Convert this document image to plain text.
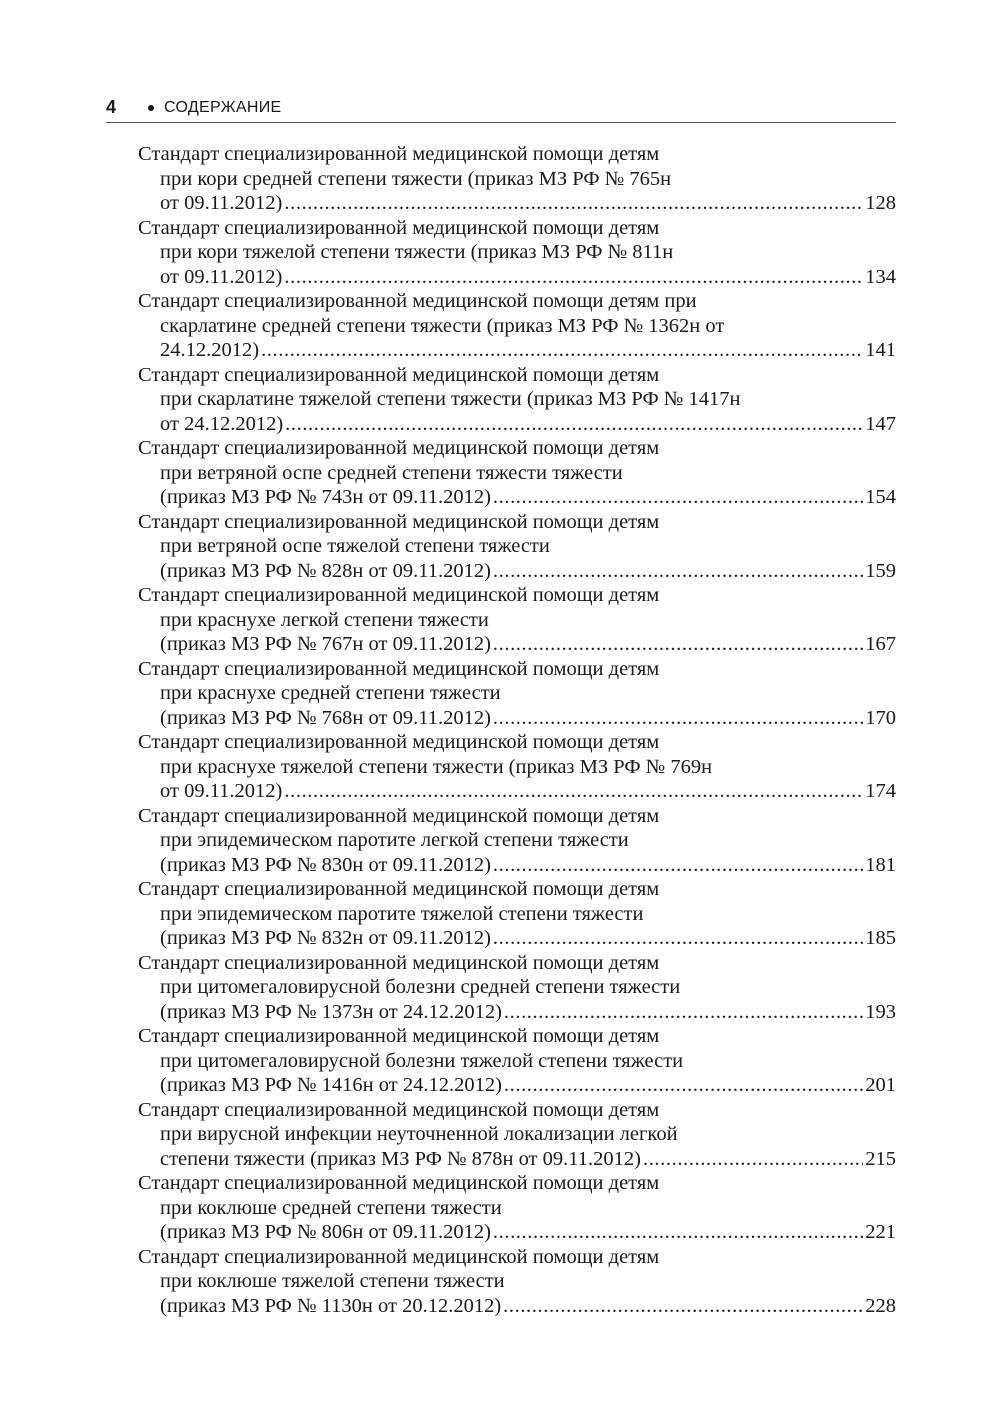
4	СОДЕРЖАНИЕ
Стандарт специализированной медицинской помощи детям
при кори средней степени тяжести (приказ МЗ РФ № 765н
от 09.11.2012) .....	128
Стандарт специализированной медицинской помощи детям
при кори тяжелой степени тяжести (приказ МЗ РФ № 811н
от 09.11.2012) .....	134
Стандарт специализированной медицинской помощи детям при
скарлатине средней степени тяжести (приказ МЗ РФ № 1362н от
24.12.2012) .....	141
Стандарт специализированной медицинской помощи детям
при скарлатине тяжелой степени тяжести (приказ МЗ РФ № 1417н
от 24.12.2012) .....	147
Стандарт специализированной медицинской помощи детям
при ветряной оспе средней степени тяжести тяжести
(приказ МЗ РФ № 743н от 09.11.2012) .....	154
Стандарт специализированной медицинской помощи детям
при ветряной оспе тяжелой степени тяжести
(приказ МЗ РФ № 828н от 09.11.2012) .....	159
Стандарт специализированной медицинской помощи детям
при краснухе легкой степени тяжести
(приказ МЗ РФ № 767н от 09.11.2012) .....	167
Стандарт специализированной медицинской помощи детям
при краснухе средней степени тяжести
(приказ МЗ РФ № 768н от 09.11.2012) .....	170
Стандарт специализированной медицинской помощи детям
при краснухе тяжелой степени тяжести (приказ МЗ РФ № 769н
от 09.11.2012) .....	174
Стандарт специализированной медицинской помощи детям
при эпидемическом паротите легкой степени тяжести
(приказ МЗ РФ № 830н от 09.11.2012) .....	181
Стандарт специализированной медицинской помощи детям
при эпидемическом паротите тяжелой степени тяжести
(приказ МЗ РФ № 832н от 09.11.2012) .....	185
Стандарт специализированной медицинской помощи детям
при цитомегаловирусной болезни средней степени тяжести
(приказ МЗ РФ № 1373н от 24.12.2012) .....	193
Стандарт специализированной медицинской помощи детям
при цитомегаловирусной болезни тяжелой степени тяжести
(приказ МЗ РФ № 1416н от 24.12.2012) .....	201
Стандарт специализированной медицинской помощи детям
при вирусной инфекции неуточненной локализации легкой
степени тяжести (приказ МЗ РФ № 878н от 09.11.2012) .....	215
Стандарт специализированной медицинской помощи детям
при коклюше средней степени тяжести
(приказ МЗ РФ № 806н от 09.11.2012) .....	221
Стандарт специализированной медицинской помощи детям
при коклюше тяжелой степени тяжести
(приказ МЗ РФ № 1130н от 20.12.2012) .....	228
